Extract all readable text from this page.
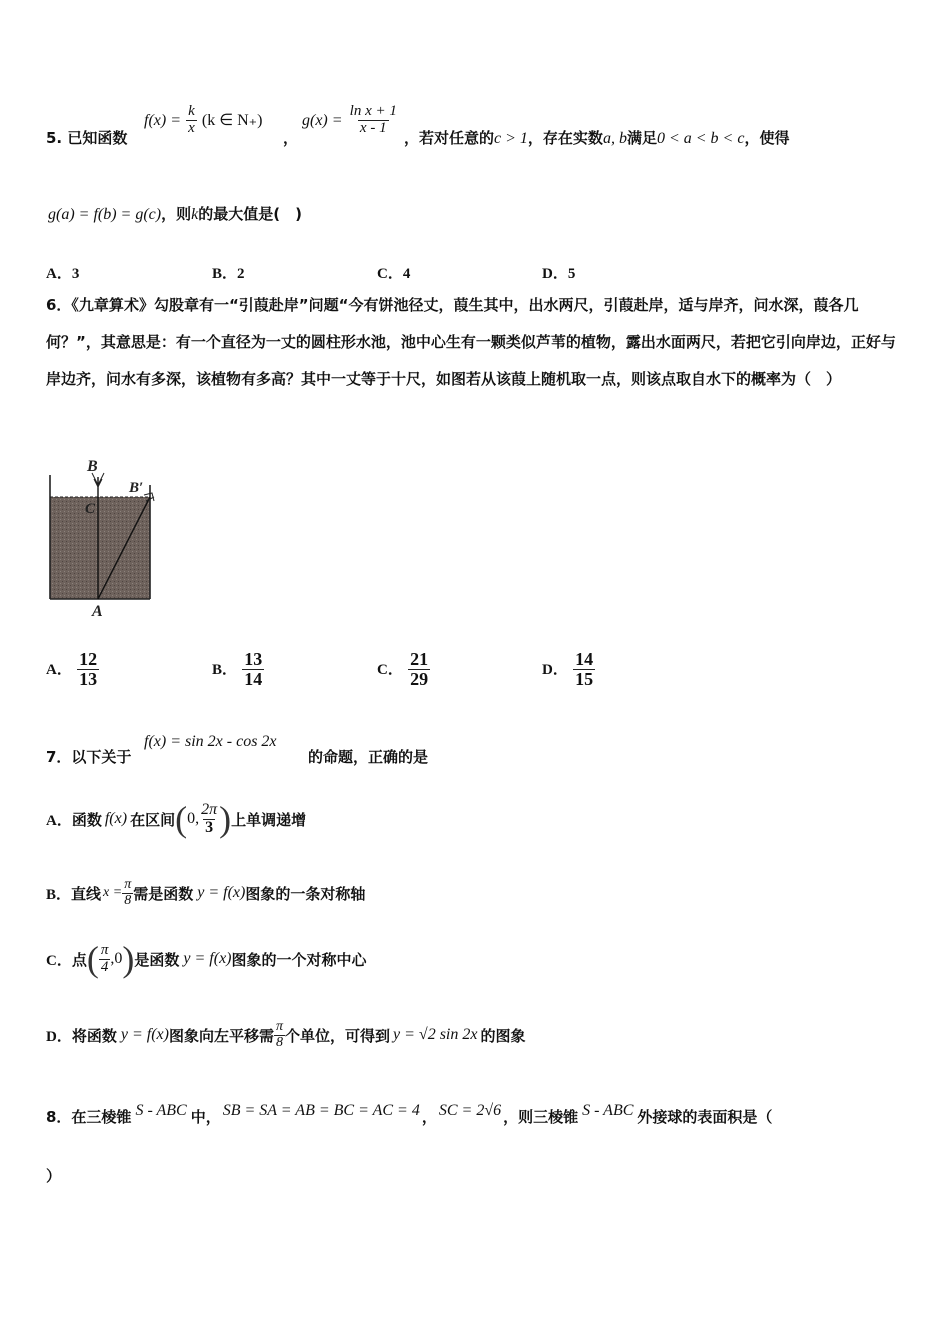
5. 已知函数
$f(x) = \frac{k}{x} (k$ ∈ N₊)
，
$g(x) = \frac{\text{ln x + 1}}{x - 1}$
，若对任意的c > 1，存在实数a, b满足0 < a < b < c，使得
g(a) = f(b) = g(c)，则k的最大值是(　)
A．3	B．2	C．4	D．5
6．《九章算术》勾股章有一“引葭赴岸”问题“今有饼池径丈，葭生其中，出水两尺，引葭赴岸，适与岸齐，问水深，葭各几何？”，其意思是：有一个直径为一丈的圆柱形水池，池中心生有一颗类似芦苇的植物，露出水面两尺，若把它引向岸边，正好与岸边齐，问水有多深，该植物有多高？其中一丈等于十尺，如图若从该葭上随机取一点，则该点取自水下的概率为（　）
B
B′
C
A
A． $\frac{12}{13}$	B． $\frac{13}{14}$	C． $\frac{21}{29}$	D． $\frac{14}{15}$
7．以下关于
f(x) = sin 2x - cos 2x
的命题，正确的是
A． 函数 f(x) 在区间 ( 0, $\frac{2\pi}{3}$ ) 上单调递增
B． 直线 $x = \frac{\pi}{8}$ 需是函数 y = f(x) 图象的一条对称轴
C． 点 ( $\frac{\pi}{4} ,0$ ) 是函数 y = f(x) 图象的一个对称中心
D． 将函数 y = f(x) 图象向左平移需 $\frac{\pi}{8}$ 个单位，可得到 y = √2 sin 2x 的图象
8．在三棱锥 S - ABC 中， SB = SA = AB = BC = AC = 4 ， SC = 2√6 ，则三棱锥 S - ABC 外接球的表面积是（
）
